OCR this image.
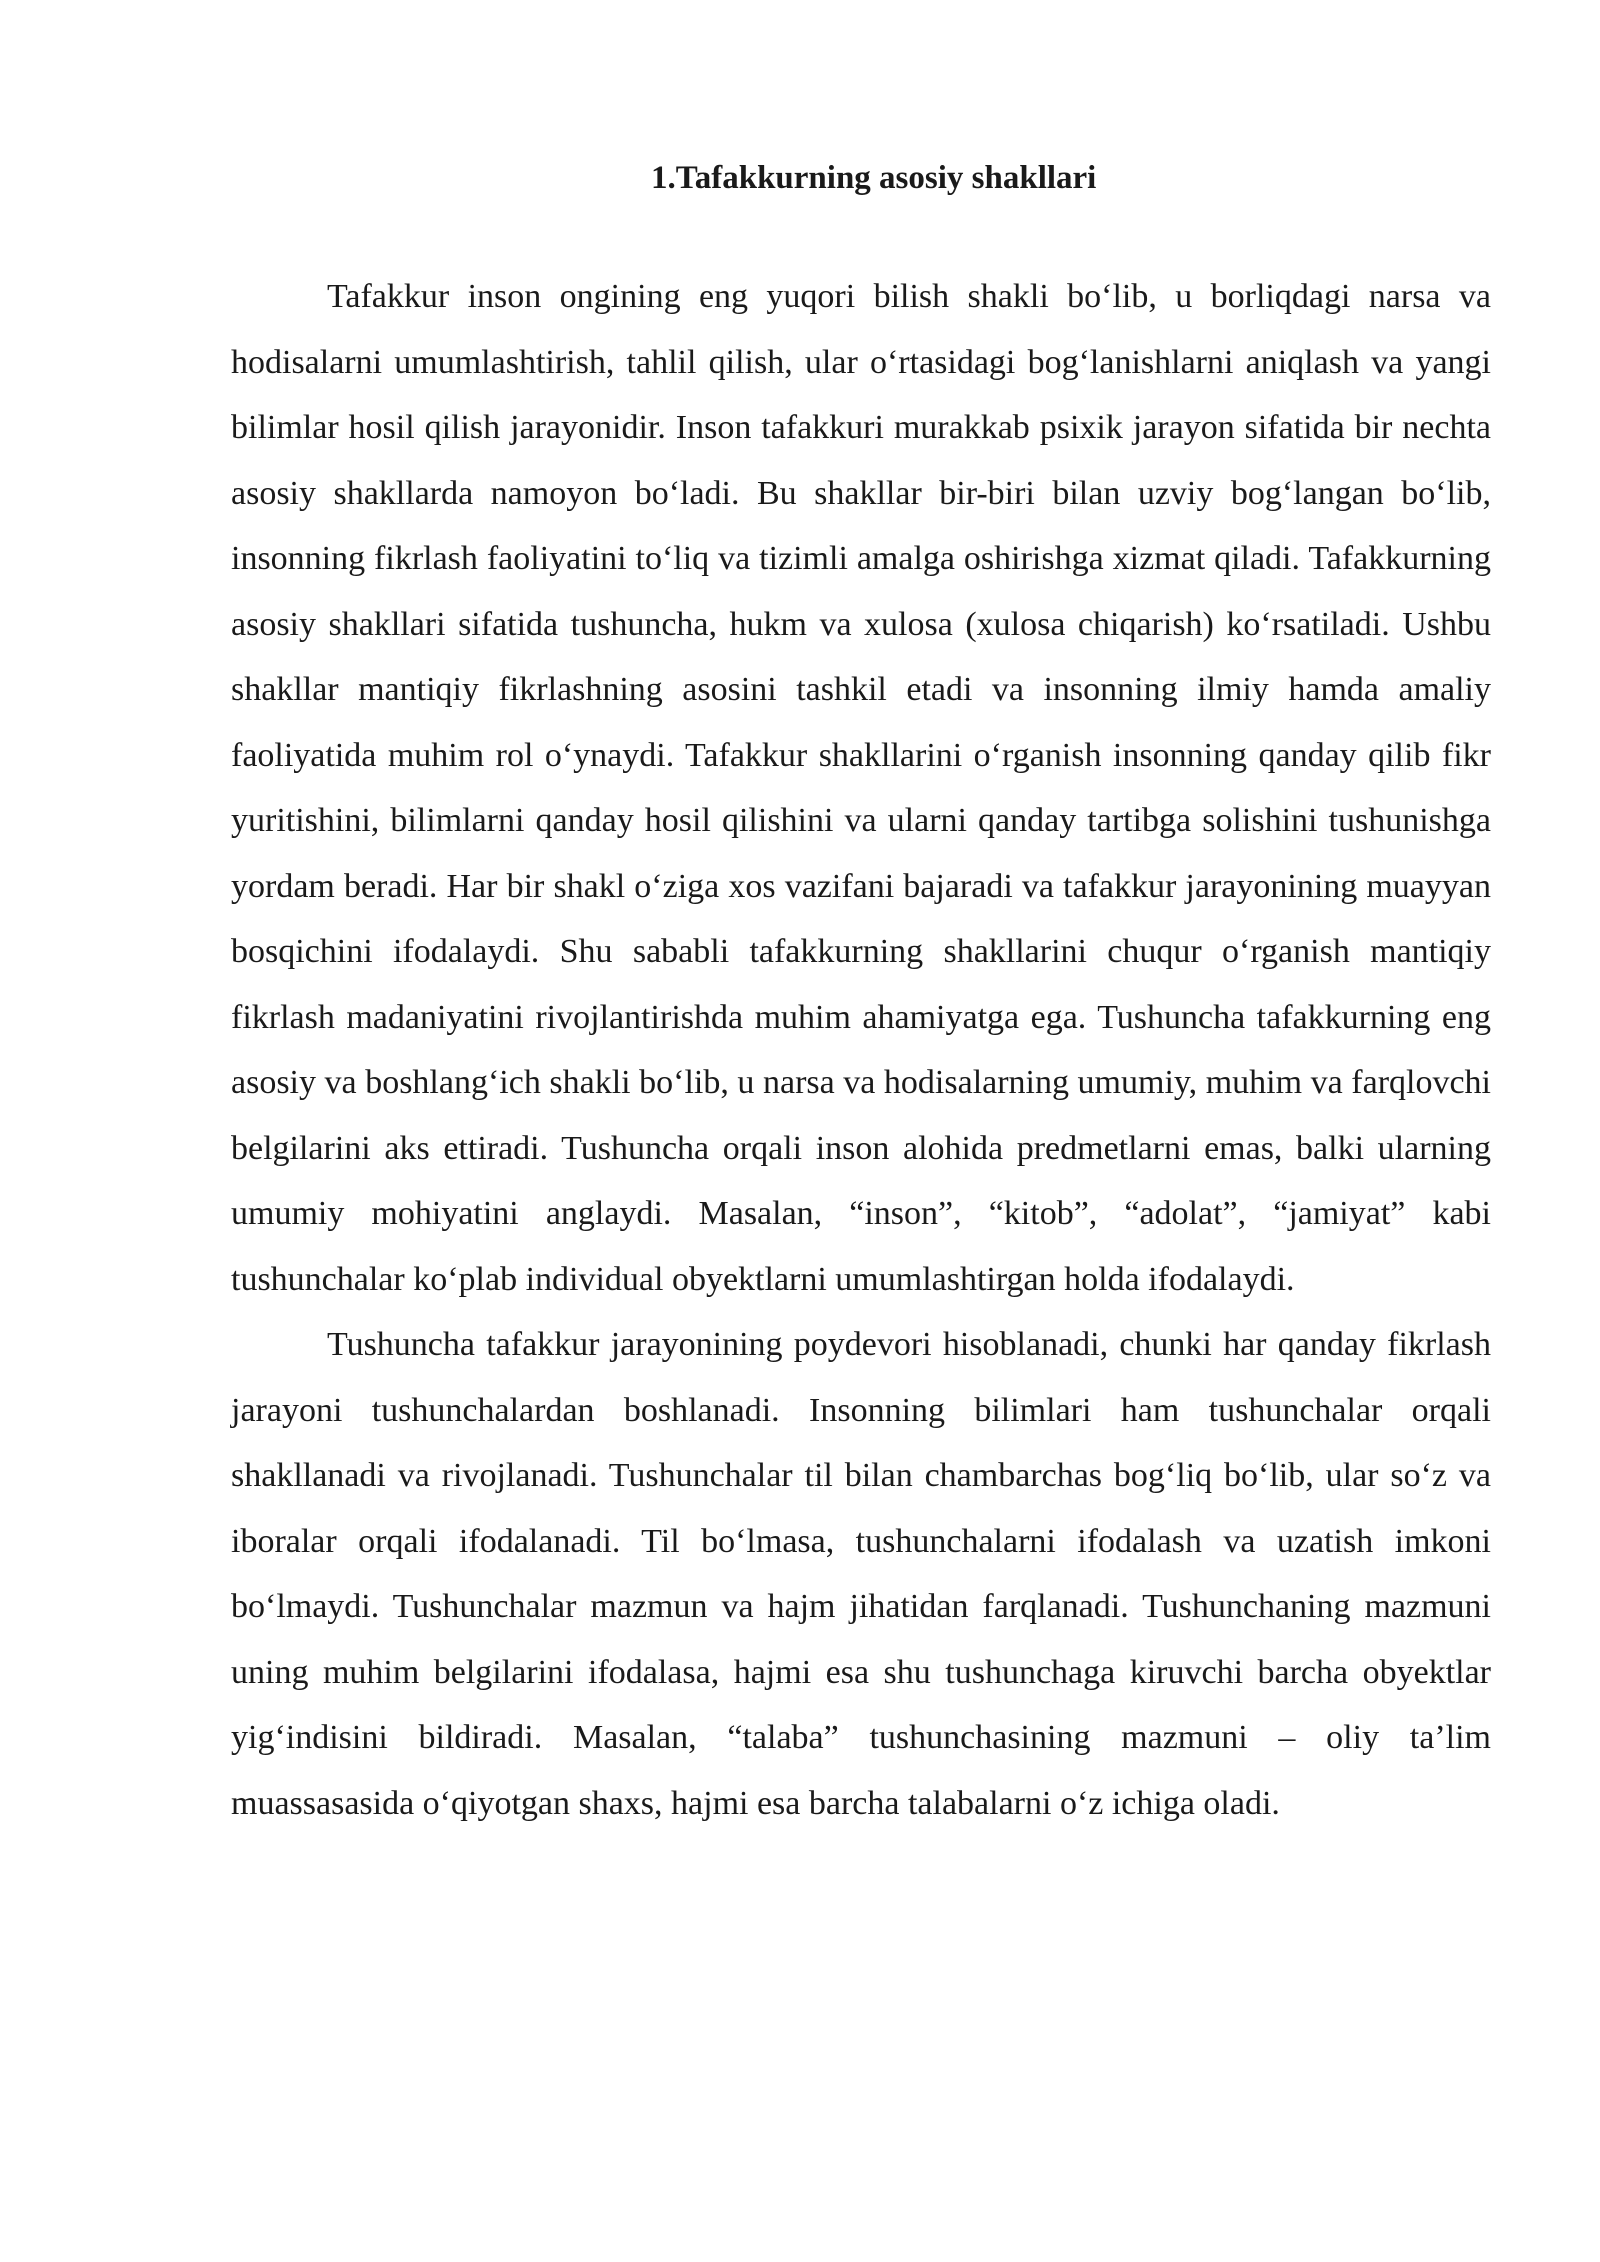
1.Tafakkurning asosiy shakllari

Tafakkur inson ongining eng yuqori bilish shakli bo‘lib, u borliqdagi narsa va hodisalarni umumlashtirish, tahlil qilish, ular o‘rtasidagi bog‘lanishlarni aniqlash va yangi bilimlar hosil qilish jarayonidir. Inson tafakkuri murakkab psixik jarayon sifatida bir nechta asosiy shakllarda namoyon bo‘ladi. Bu shakllar bir-biri bilan uzviy bog‘langan bo‘lib, insonning fikrlash faoliyatini to‘liq va tizimli amalga oshirishga xizmat qiladi. Tafakkurning asosiy shakllari sifatida tushuncha, hukm va xulosa (xulosa chiqarish) ko‘rsatiladi. Ushbu shakllar mantiqiy fikrlashning asosini tashkil etadi va insonning ilmiy hamda amaliy faoliyatida muhim rol o‘ynaydi. Tafakkur shakllarini o‘rganish insonning qanday qilib fikr yuritishini, bilimlarni qanday hosil qilishini va ularni qanday tartibga solishini tushunishga yordam beradi. Har bir shakl o‘ziga xos vazifani bajaradi va tafakkur jarayonining muayyan bosqichini ifodalaydi. Shu sababli tafakkurning shakllarini chuqur o‘rganish mantiqiy fikrlash madaniyatini rivojlantirishda muhim ahamiyatga ega. Tushuncha tafakkurning eng asosiy va boshlang‘ich shakli bo‘lib, u narsa va hodisalarning umumiy, muhim va farqlovchi belgilarini aks ettiradi. Tushuncha orqali inson alohida predmetlarni emas, balki ularning umumiy mohiyatini anglaydi. Masalan, “inson”, “kitob”, “adolat”, “jamiyat” kabi tushunchalar ko‘plab individual obyektlarni umumlashtirgan holda ifodalaydi.

Tushuncha tafakkur jarayonining poydevori hisoblanadi, chunki har qanday fikrlash jarayoni tushunchalardan boshlanadi. Insonning bilimlari ham tushunchalar orqali shakllanadi va rivojlanadi. Tushunchalar til bilan chambarchas bog‘liq bo‘lib, ular so‘z va iboralar orqali ifodalanadi. Til bo‘lmasa, tushunchalarni ifodalash va uzatish imkoni bo‘lmaydi. Tushunchalar mazmun va hajm jihatidan farqlanadi. Tushunchaning mazmuni uning muhim belgilarini ifodalasa, hajmi esa shu tushunchaga kiruvchi barcha obyektlar yig‘indisini bildiradi. Masalan, “talaba” tushunchasining mazmuni – oliy ta’lim muassasasida o‘qiyotgan shaxs, hajmi esa barcha talabalarni o‘z ichiga oladi.
